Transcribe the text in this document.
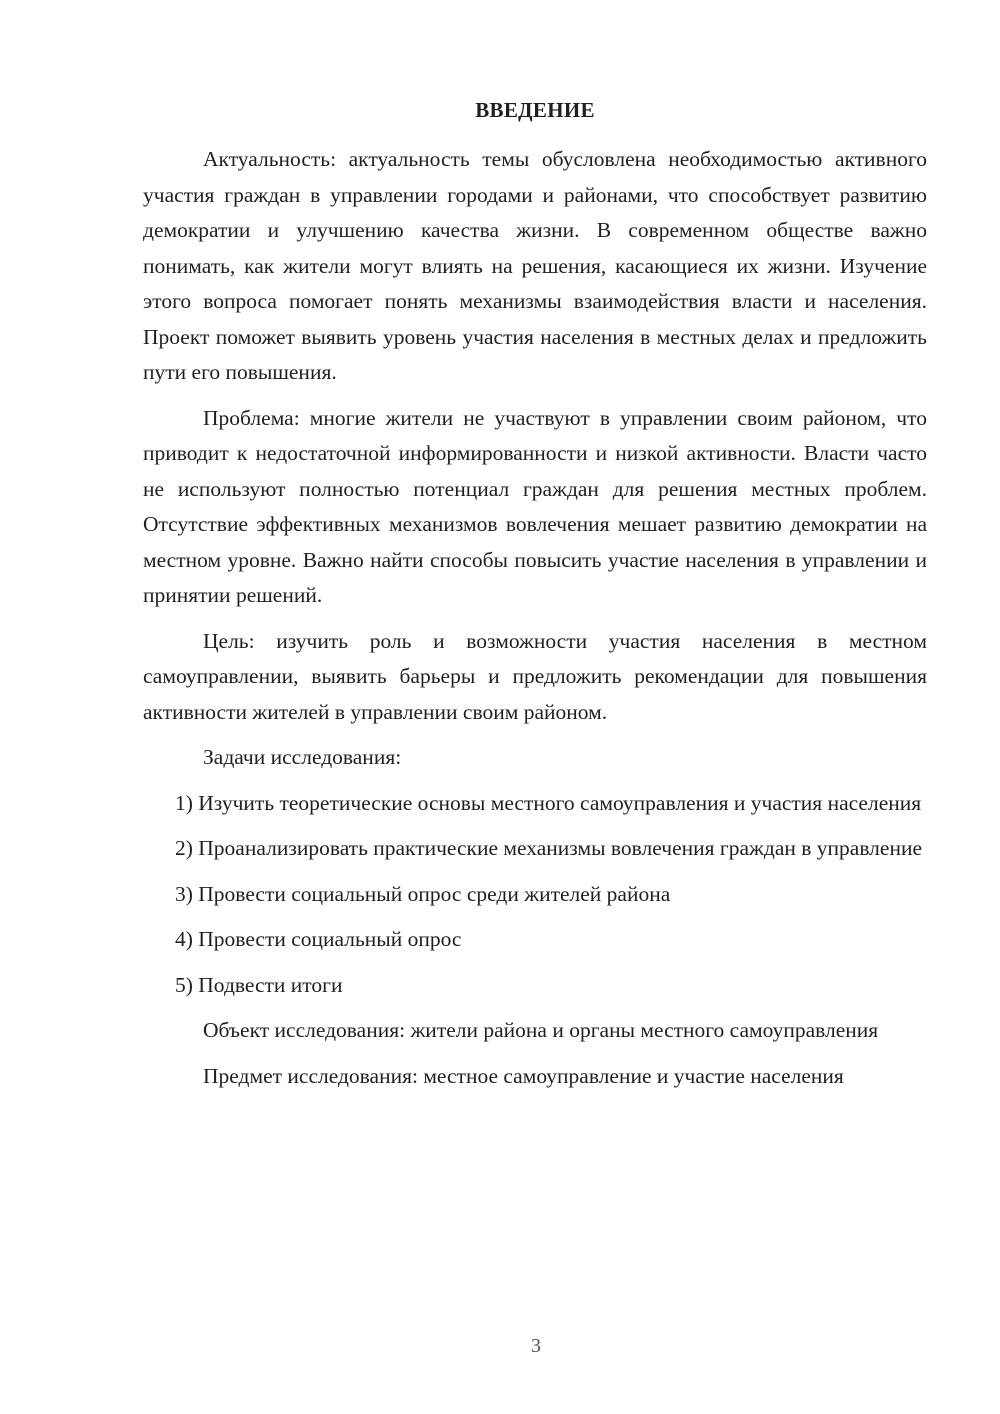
ВВЕДЕНИЕ

Актуальность: актуальность темы обусловлена необходимостью активного участия граждан в управлении городами и районами, что способствует развитию демократии и улучшению качества жизни. В современном обществе важно понимать, как жители могут влиять на решения, касающиеся их жизни. Изучение этого вопроса помогает понять механизмы взаимодействия власти и населения. Проект поможет выявить уровень участия населения в местных делах и предложить пути его повышения.

Проблема: многие жители не участвуют в управлении своим районом, что приводит к недостаточной информированности и низкой активности. Власти часто не используют полностью потенциал граждан для решения местных проблем. Отсутствие эффективных механизмов вовлечения мешает развитию демократии на местном уровне. Важно найти способы повысить участие населения в управлении и принятии решений.

Цель: изучить роль и возможности участия населения в местном самоуправлении, выявить барьеры и предложить рекомендации для повышения активности жителей в управлении своим районом.

Задачи исследования:

1) Изучить теоретические основы местного самоуправления и участия населения

2) Проанализировать практические механизмы вовлечения граждан в управление

3) Провести социальный опрос среди жителей района

4) Провести социальный опрос

5) Подвести итоги

Объект исследования: жители района и органы местного самоуправления

Предмет исследования: местное самоуправление и участие населения

3
